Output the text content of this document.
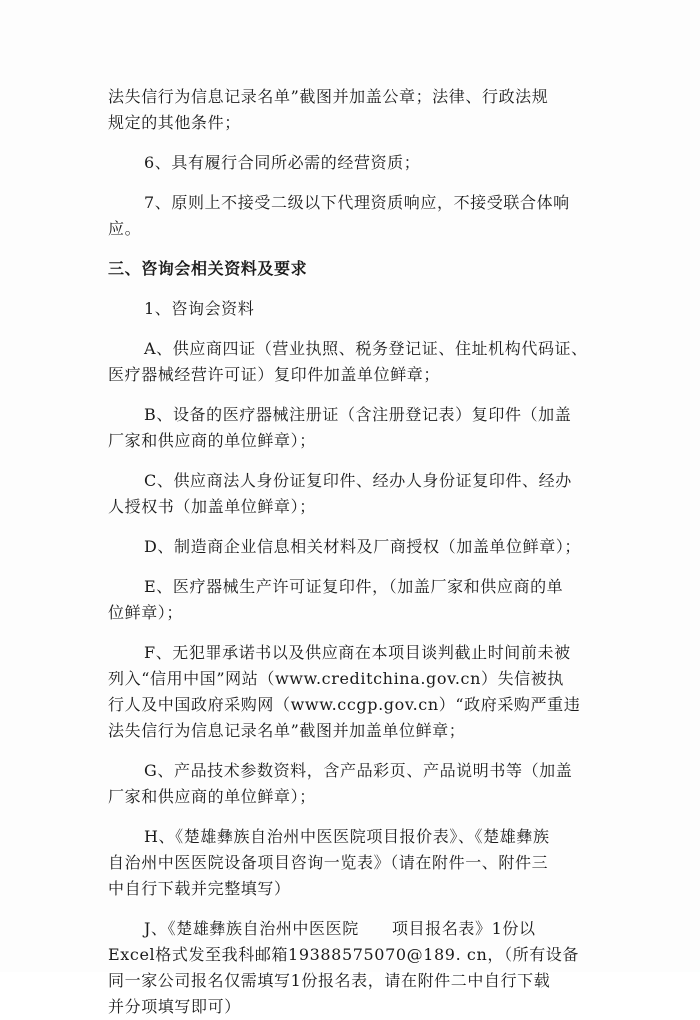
法失信行为信息记录名单”截图并加盖公章；法律、行政法规
规定的其他条件；

6、具有履行合同所必需的经营资质；

7、原则上不接受二级以下代理资质响应，不接受联合体响
应。

三、咨询会相关资料及要求

1、咨询会资料

A、供应商四证（营业执照、税务登记证、住址机构代码证、
医疗器械经营许可证）复印件加盖单位鲜章；

B、设备的医疗器械注册证（含注册登记表）复印件（加盖
厂家和供应商的单位鲜章）；

C、供应商法人身份证复印件、经办人身份证复印件、经办
人授权书（加盖单位鲜章）；

D、制造商企业信息相关材料及厂商授权（加盖单位鲜章）；

E、医疗器械生产许可证复印件，（加盖厂家和供应商的单
位鲜章）；

F、无犯罪承诺书以及供应商在本项目谈判截止时间前未被
列入“信用中国”网站（www.creditchina.gov.cn）失信被执
行人及中国政府采购网（www.ccgp.gov.cn）“政府采购严重违
法失信行为信息记录名单”截图并加盖单位鲜章；

G、产品技术参数资料，含产品彩页、产品说明书等（加盖
厂家和供应商的单位鲜章）；

H、《楚雄彝族自治州中医医院项目报价表》、《楚雄彝族
自治州中医医院设备项目咨询一览表》（请在附件一、附件三
中自行下载并完整填写）

J、《楚雄彝族自治州中医医院　　项目报名表》1份以
Excel格式发至我科邮箱19388575070@189. cn，（所有设备
同一家公司报名仅需填写1份报名表，请在附件二中自行下载
并分项填写即可）
